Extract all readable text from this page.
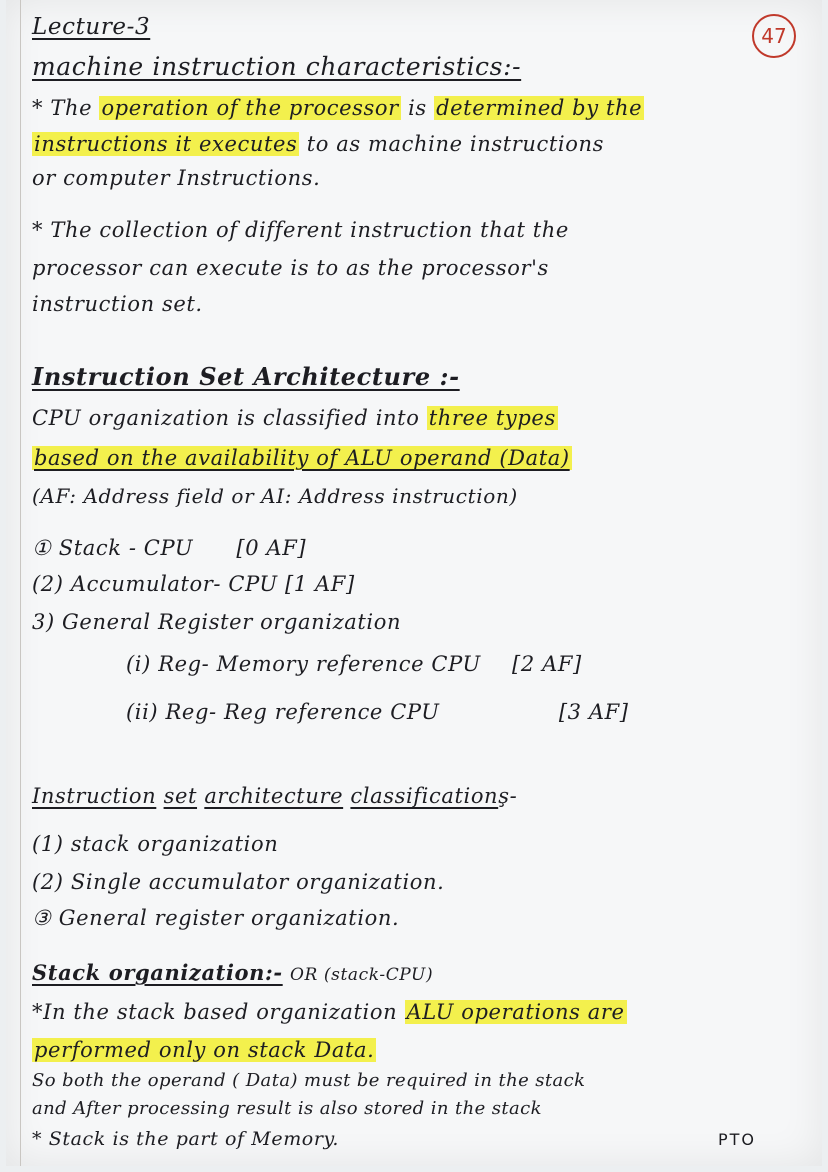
47
Lecture-3
machine instruction characteristics:-
* The operation of the processor is determined by the
instructions it executes to as machine instructions
or computer Instructions.
* The collection of different instruction that the
processor can execute is to as the processor's
instruction set.
Instruction Set Architecture :-
CPU organization is classified into three types
based on the availability of ALU operand (Data)
(AF: Address field or AI: Address instruction)
① Stack - CPU [0 AF]
(2) Accumulator- CPU [1 AF]
3) General Register organization
(i) Reg- Memory reference CPU [2 AF]
(ii) Reg- Reg reference CPU	[3 AF]
Instruction set architecture classificationş-
(1) stack organization
(2) Single accumulator organization.
③ General register organization.
Stack organization:- OR (stack-CPU)
*In the stack based organization ALU operations are
performed only on stack Data.
So both the operand ( Data) must be required in the stack
and After processing result is also stored in the stack
* Stack is the part of Memory.	PTO
